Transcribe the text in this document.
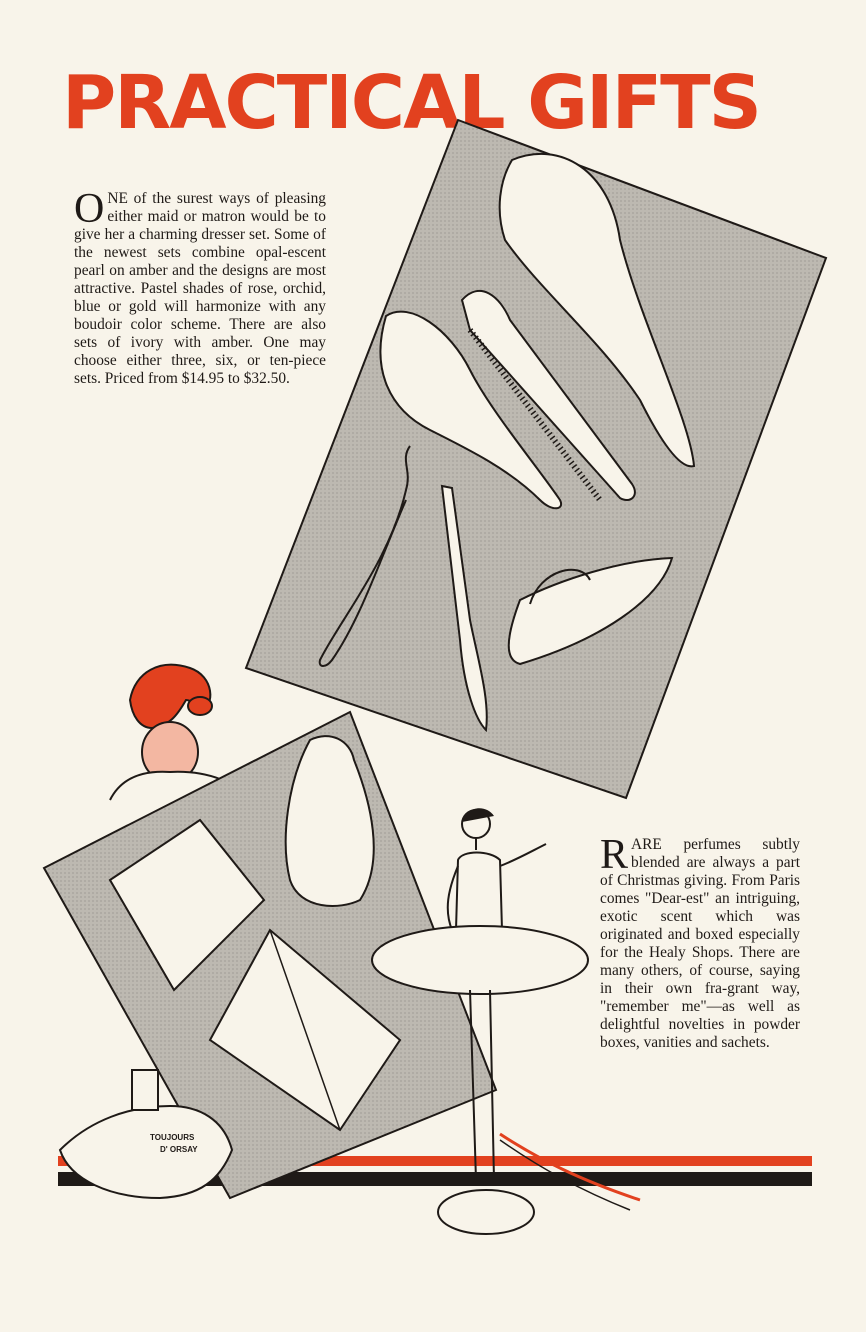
PRACTICAL GIFTS

ONE of the surest ways of pleasing either maid or matron would be to give her a charming dresser set. Some of the newest sets combine opal-escent pearl on amber and the designs are most attractive. Pastel shades of rose, orchid, blue or gold will harmonize with any boudoir color scheme. There are also sets of ivory with amber. One may choose either three, six, or ten-piece sets. Priced from $14.95 to $32.50.

RARE perfumes subtly blended are always a part of Christmas giving. From Paris comes "Dear-est" an intriguing, exotic scent which was originated and boxed especially for the Healy Shops. There are many others, of course, saying in their own fra-grant way, "remember me"—as well as delightful novelties in powder boxes, vanities and sachets.

TOUJOURS
D' ORSAY
